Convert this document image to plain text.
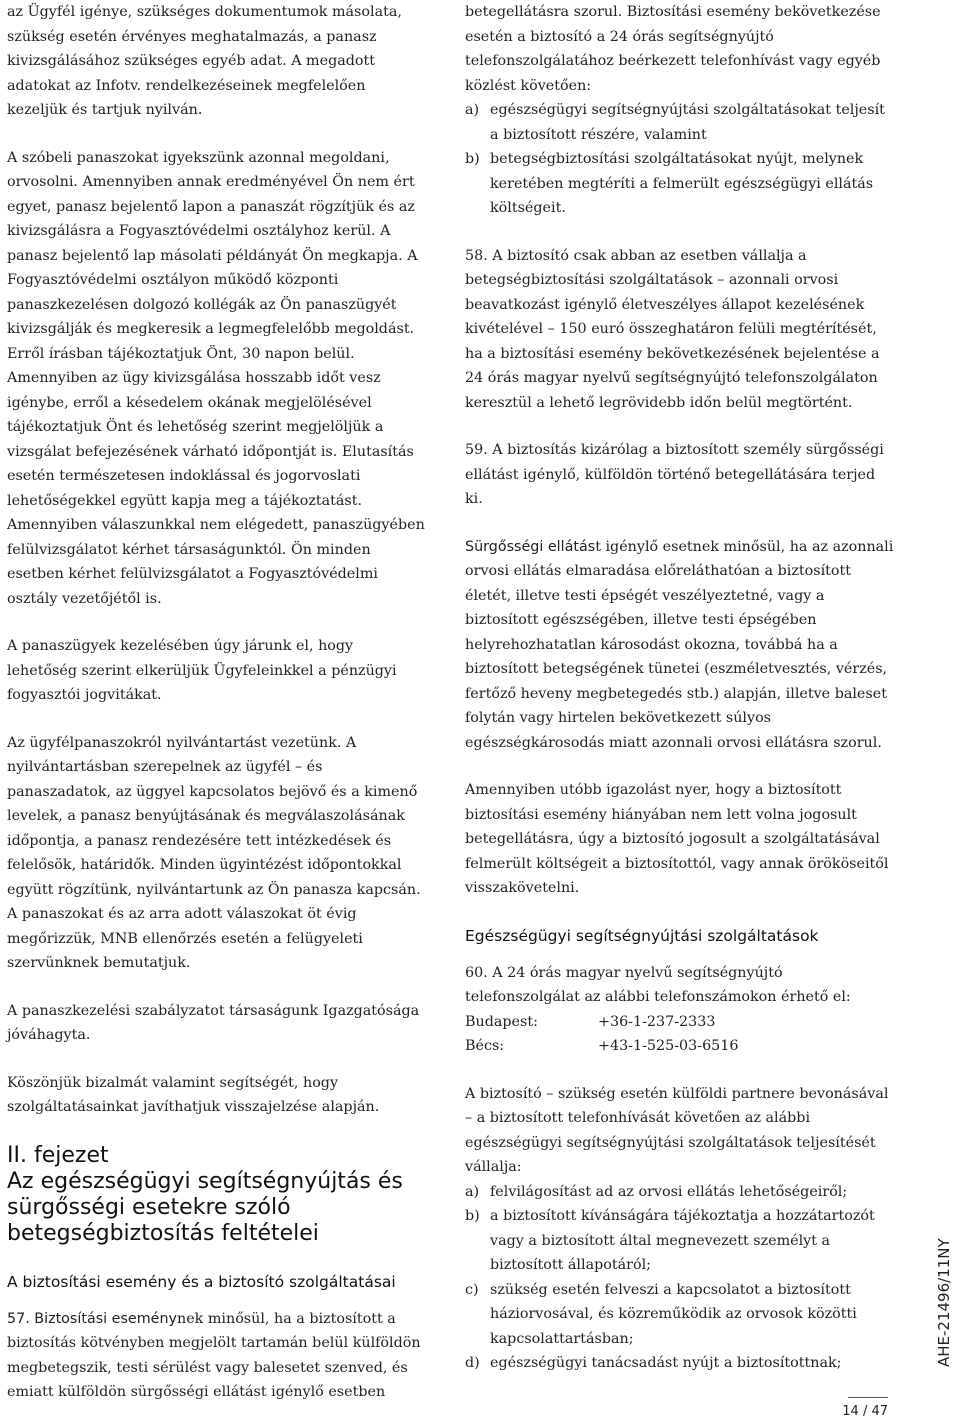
az Ügyfél igénye, szükséges dokumentumok másolata, szükség esetén érvényes meghatalmazás, a panasz kivizsgálásához szükséges egyéb adat. A megadott adatokat az Infotv. rendelkezéseinek megfelelően kezeljük és tartjuk nyilván.

A szóbeli panaszokat igyekszünk azonnal megoldani, orvosolni. Amennyiben annak eredményével Ön nem ért egyet, panasz bejelentő lapon a panaszát rögzítjük és az kivizsgálásra a Fogyasztóvédelmi osztályhoz kerül. A panasz bejelentő lap másolati példányát Ön megkapja. A Fogyasztóvédelmi osztályon működő központi panaszkezelésen dolgozó kollégák az Ön panaszügyét kivizsgálják és megkeresik a legmegfelelőbb megoldást. Erről írásban tájékoztatjuk Önt, 30 napon belül. Amennyiben az ügy kivizsgálása hosszabb időt vesz igénybe, erről a késedelem okának megjelölésével tájékoztatjuk Önt és lehetőség szerint megjelöljük a vizsgálat befejezésének várható időpontját is. Elutasítás esetén természetesen indoklással és jogorvoslati lehetőségekkel együtt kapja meg a tájékoztatást. Amennyiben válaszunkkal nem elégedett, panaszügyében felülvizsgálatot kérhet társaságunktól. Ön minden esetben kérhet felülvizsgálatot a Fogyasztóvédelmi osztály vezetőjétől is.

A panaszügyek kezelésében úgy járunk el, hogy lehetőség szerint elkerüljük Ügyfeleinkkel a pénzügyi fogyasztói jogvitákat.

Az ügyfélpanaszokról nyilvántartást vezetünk. A nyilvántartásban szerepelnek az ügyfél – és panaszadatok, az üggyel kapcsolatos bejövő és a kimenő levelek, a panasz benyújtásának és megválaszolásának időpontja, a panasz rendezésére tett intézkedések és felelősök, határidők. Minden ügyintézést időpontokkal együtt rögzítünk, nyilvántartunk az Ön panasza kapcsán. A panaszokat és az arra adott válaszokat öt évig megőrizzük, MNB ellenőrzés esetén a felügyeleti szervünknek bemutatjuk.

A panaszkezelési szabályzatot társaságunk Igazgatósága jóváhagyta.

Köszönjük bizalmát valamint segítségét, hogy szolgáltatásainkat javíthatjuk visszajelzése alapján.

II. fejezet
Az egészségügyi segítségnyújtás és sürgősségi esetekre szóló betegségbiztosítás feltételei
A biztosítási esemény és a biztosító szolgáltatásai

57. Biztosítási eseménynek minősül, ha a biztosított a biztosítás kötvényben megjelölt tartamán belül külföldön megbetegszik, testi sérülést vagy balesetet szenved, és emiatt külföldön sürgősségi ellátást igénylő esetben

betegellátásra szorul. Biztosítási esemény bekövetkezése esetén a biztosító a 24 órás segítségnyújtó telefonszolgálatához beérkezett telefonhívást vagy egyéb közlést követően:

a) egészségügyi segítségnyújtási szolgáltatásokat teljesít a biztosított részére, valamint
b) betegségbiztosítási szolgáltatásokat nyújt, melynek keretében megtéríti a felmerült egészségügyi ellátás költségeit.

58. A biztosító csak abban az esetben vállalja a betegségbiztosítási szolgáltatások – azonnali orvosi beavatkozást igénylő életveszélyes állapot kezelésének kivételével – 150 euró összeghatáron felüli megtérítését, ha a biztosítási esemény bekövetkezésének bejelentése a 24 órás magyar nyelvű segítségnyújtó telefonszolgálaton keresztül a lehető legrövidebb időn belül megtörtént.

59. A biztosítás kizárólag a biztosított személy sürgősségi ellátást igénylő, külföldön történő betegellátására terjed ki.

Sürgősségi ellátást igénylő esetnek minősül, ha az azonnali orvosi ellátás elmaradása előreláthatóan a biztosított életét, illetve testi épségét veszélyeztetné, vagy a biztosított egészségében, illetve testi épségében helyrehozhatatlan károsodást okozna, továbbá ha a biztosított betegségének tünetei (eszméletvesztés, vérzés, fertőző heveny megbetegedés stb.) alapján, illetve baleset folytán vagy hirtelen bekövetkezett súlyos egészségkárosodás miatt azonnali orvosi ellátásra szorul.

Amennyiben utóbb igazolást nyer, hogy a biztosított biztosítási esemény hiányában nem lett volna jogosult betegellátásra, úgy a biztosító jogosult a szolgáltatásával felmerült költségeit a biztosítottól, vagy annak örököseitől visszakövetelni.

Egészségügyi segítségnyújtási szolgáltatások

60. A 24 órás magyar nyelvű segítségnyújtó telefonszolgálat az alábbi telefonszámokon érhető el:

Budapest:	+36-1-237-2333
Bécs:	+43-1-525-03-6516

A biztosító – szükség esetén külföldi partnere bevonásával – a biztosított telefonhívását követően az alábbi egészségügyi segítségnyújtási szolgáltatások teljesítését vállalja:

a) felvilágosítást ad az orvosi ellátás lehetőségeiről;
b) a biztosított kívánságára tájékoztatja a hozzátartozót vagy a biztosított által megnevezett személyt a biztosított állapotáról;
c) szükség esetén felveszi a kapcsolatot a biztosított háziorvosával, és közreműködik az orvosok közötti kapcsolattartásban;
d) egészségügyi tanácsadást nyújt a biztosítottnak;	AHE-21496/11NY
14 / 47
